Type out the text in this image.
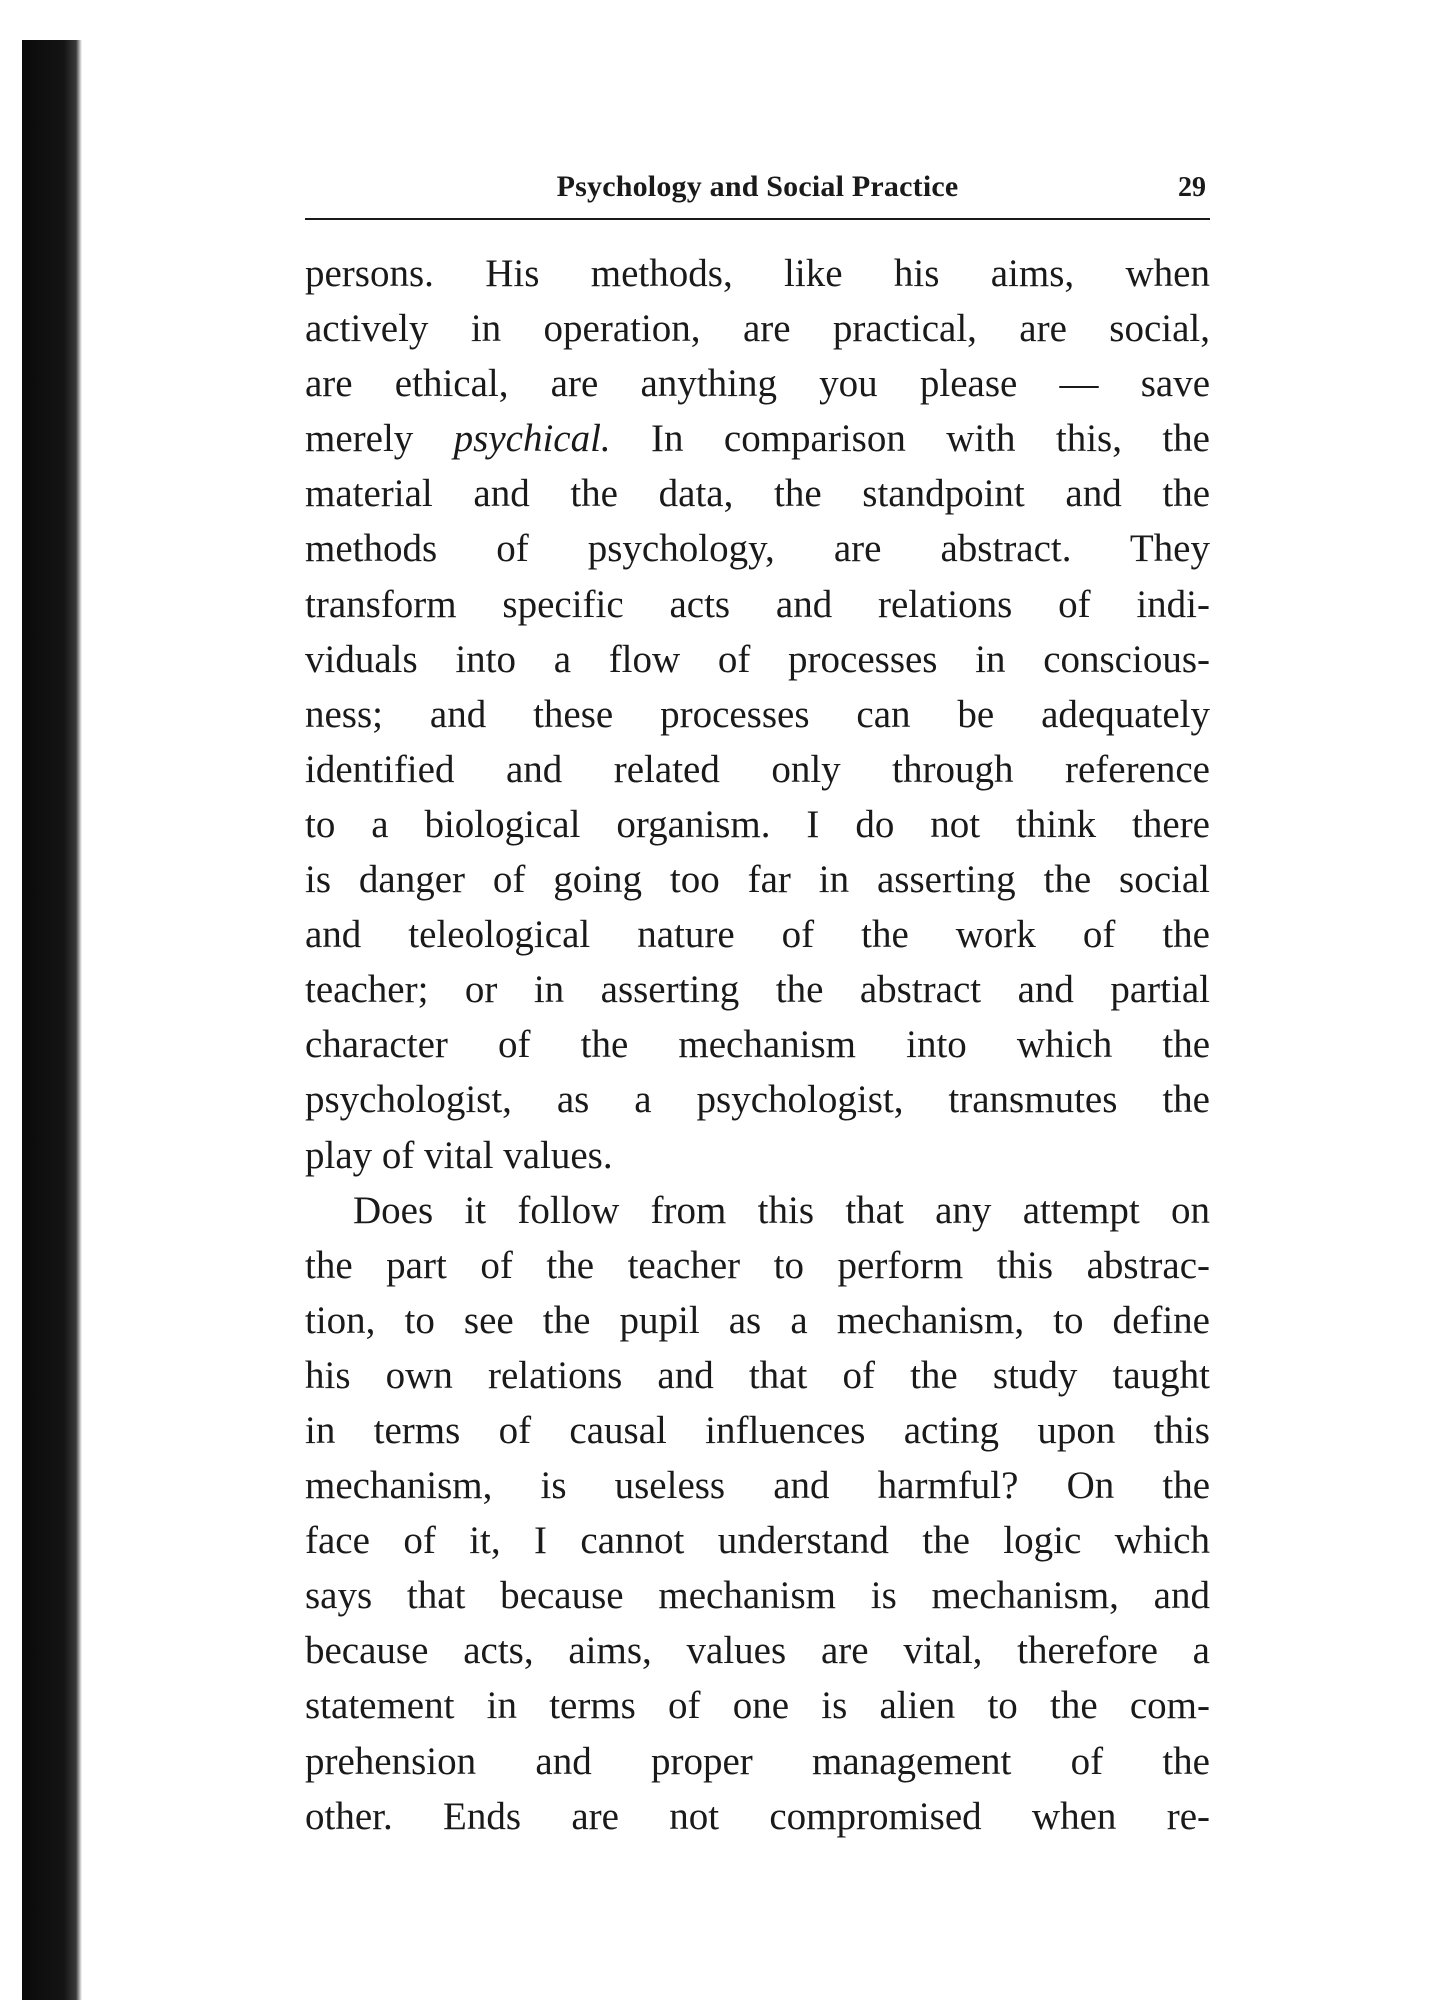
Psychology and Social Practice	29
persons. His methods, like his aims, when
actively in operation, are practical, are social,
are ethical, are anything you please — save
merely psychical. In comparison with this, the
material and the data, the standpoint and the
methods of psychology, are abstract. They
transform specific acts and relations of indi-
viduals into a flow of processes in conscious-
ness; and these processes can be adequately
identified and related only through reference
to a biological organism. I do not think there
is danger of going too far in asserting the social
and teleological nature of the work of the
teacher; or in asserting the abstract and partial
character of the mechanism into which the
psychologist, as a psychologist, transmutes the
play of vital values.
Does it follow from this that any attempt on
the part of the teacher to perform this abstrac-
tion, to see the pupil as a mechanism, to define
his own relations and that of the study taught
in terms of causal influences acting upon this
mechanism, is useless and harmful? On the
face of it, I cannot understand the logic which
says that because mechanism is mechanism, and
because acts, aims, values are vital, therefore a
statement in terms of one is alien to the com-
prehension and proper management of the
other. Ends are not compromised when re-
